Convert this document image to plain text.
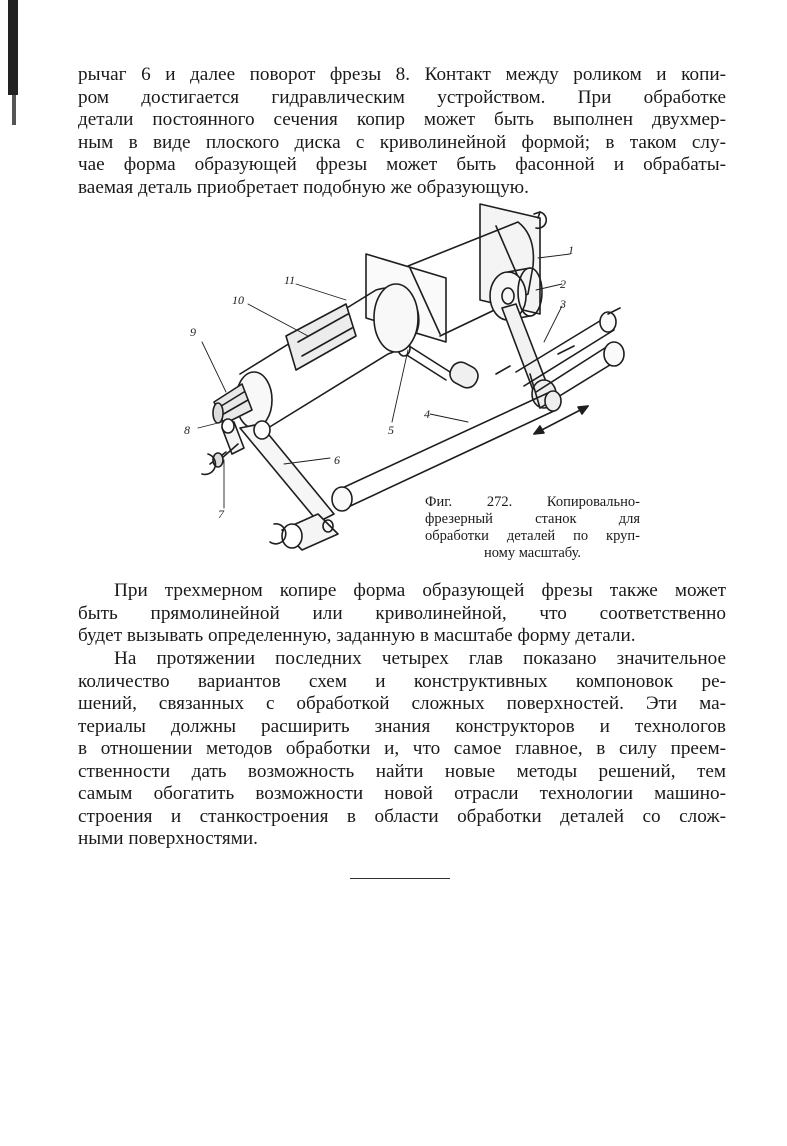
рычаг 6 и далее поворот фрезы 8. Контакт между роликом и копи-
ром достигается гидравлическим устройством. При обработке
детали постоянного сечения копир может быть выполнен двухмер-
ным в виде плоского диска с криволинейной формой; в таком слу-
чае форма образующей фрезы может быть фасонной и обрабаты-
ваемая деталь приобретает подобную же образующую.

1
2
3
4
5
6
7
8
9
10
11
Фиг. 272. Копировально-
фрезерный станок для
обработки деталей по круп-
ному масштабу.

При трехмерном копире форма образующей фрезы также может
быть прямолинейной или криволинейной, что соответственно
будет вызывать определенную, заданную в масштабе форму детали.

На протяжении последних четырех глав показано значительное
количество вариантов схем и конструктивных компоновок ре-
шений, связанных с обработкой сложных поверхностей. Эти ма-
териалы должны расширить знания конструкторов и технологов
в отношении методов обработки и, что самое главное, в силу преем-
ственности дать возможность найти новые методы решений, тем
самым обогатить возможности новой отрасли технологии машино-
строения и станкостроения в области обработки деталей со слож-
ными поверхностями.
